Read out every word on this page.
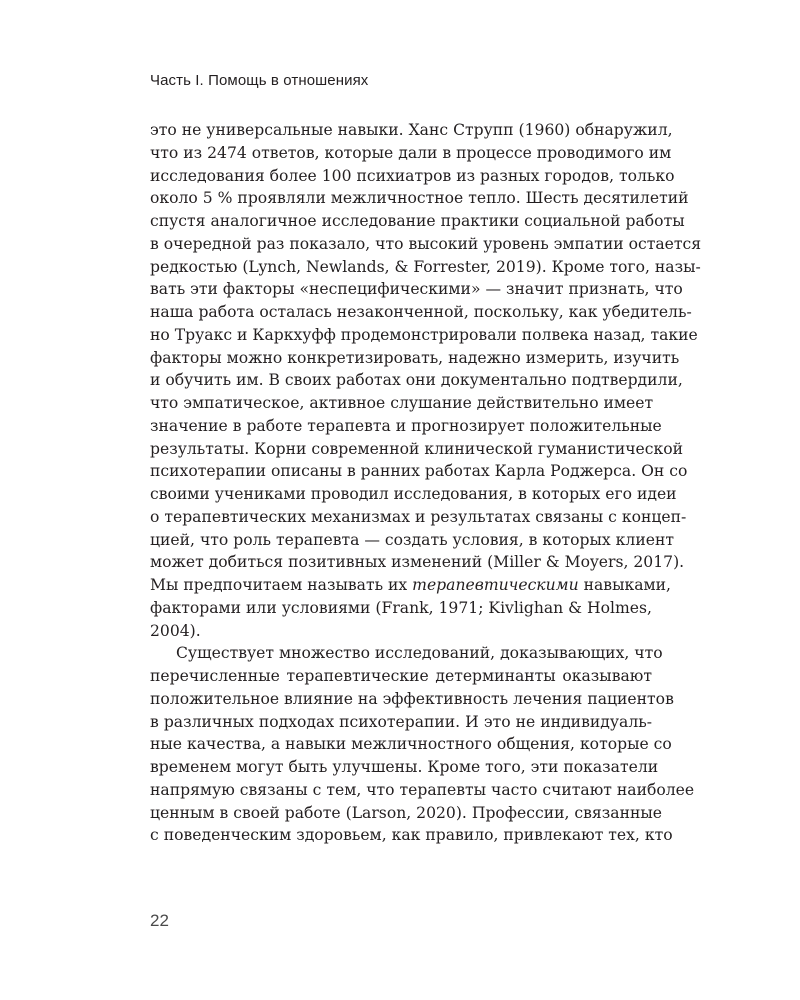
Часть I. Помощь в отношениях
это не универсальные навыки. Ханс Струпп (1960) обнаружил,
что из 2474 ответов, которые дали в процессе проводимого им
исследования более 100 психиатров из разных городов, только
около 5 % проявляли межличностное тепло. Шесть десятилетий
спустя аналогичное исследование практики социальной работы
в очередной раз показало, что высокий уровень эмпатии остается
редкостью (Lynch, Newlands, & Forrester, 2019). Кроме того, назы-
вать эти факторы «неспецифическими» — значит признать, что
наша работа осталась незаконченной, поскольку, как убедитель-
но Труакс и Каркхуфф продемонстрировали полвека назад, такие
факторы можно конкретизировать, надежно измерить, изучить
и обучить им. В своих работах они документально подтвердили,
что эмпатическое, активное слушание действительно имеет
значение в работе терапевта и прогнозирует положительные
результаты. Корни современной клинической гуманистической
психотерапии описаны в ранних работах Карла Роджерса. Он со
своими учениками проводил исследования, в которых его идеи
о терапевтических механизмах и результатах связаны с концеп-
цией, что роль терапевта — создать условия, в которых клиент
может добиться позитивных изменений (Miller & Moyers, 2017).
Мы предпочитаем называть их терапевтическими навыками,
факторами или условиями (Frank, 1971; Kivlighan & Holmes,
2004).
Существует множество исследований, доказывающих, что
перечисленные терапевтические детерминанты оказывают
положительное влияние на эффективность лечения пациентов
в различных подходах психотерапии. И это не индивидуаль-
ные качества, а навыки межличностного общения, которые со
временем могут быть улучшены. Кроме того, эти показатели
напрямую связаны с тем, что терапевты часто считают наиболее
ценным в своей работе (Larson, 2020). Профессии, связанные
с поведенческим здоровьем, как правило, привлекают тех, кто
22
